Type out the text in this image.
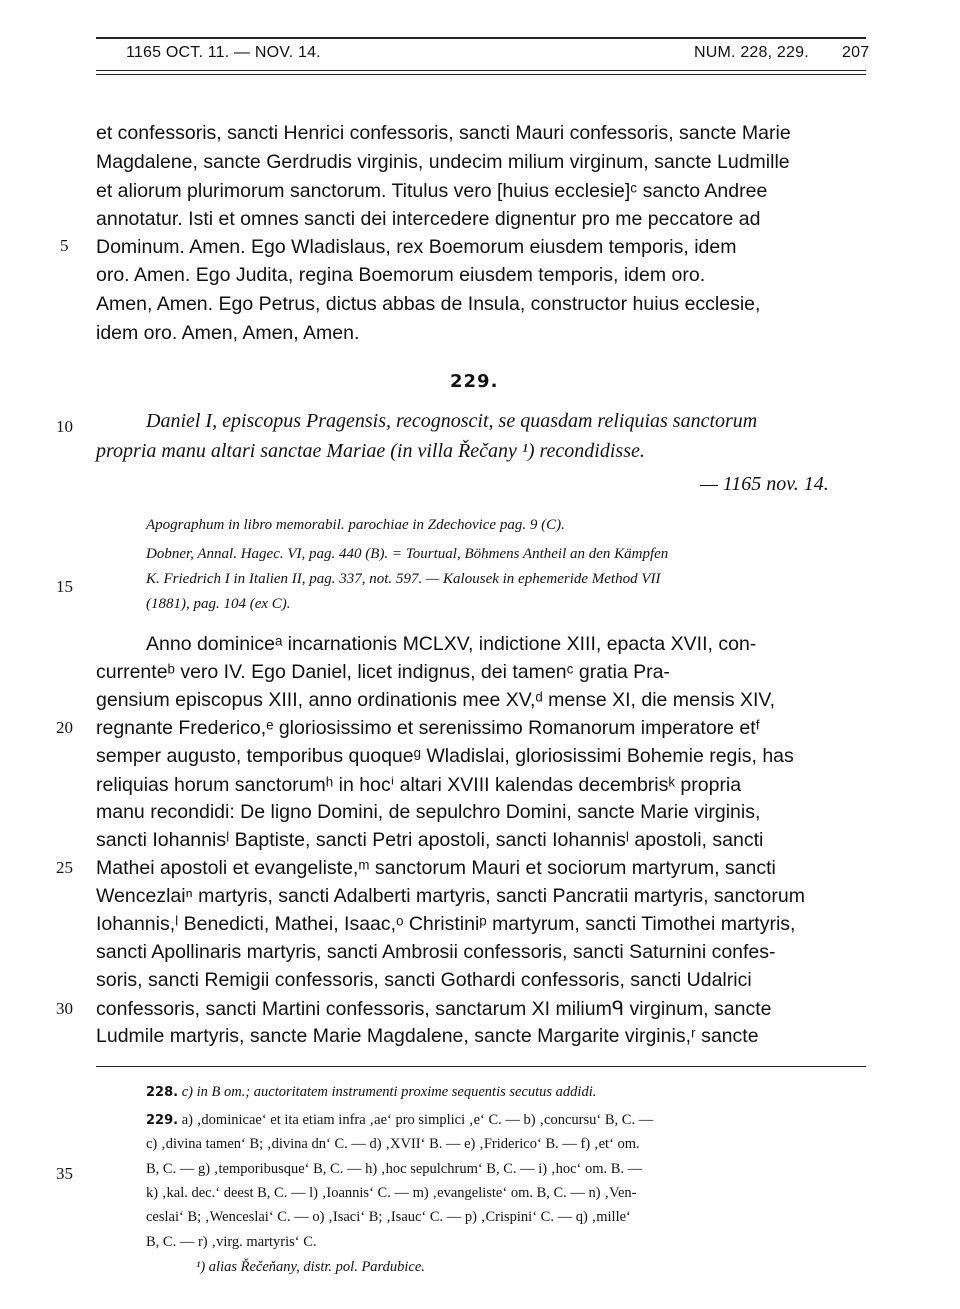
1165 OCT. 11. — NOV. 14.	NUM. 228, 229. 207
5
10
15
20
25
30
35
et confessoris, sancti Henrici confessoris, sancti Mauri confessoris, sancte Marie
Magdalene, sancte Gerdrudis virginis, undecim milium virginum, sancte Ludmille
et aliorum plurimorum sanctorum. Titulus vero [huius ecclesie]ᶜ sancto Andree
annotatur. Isti et omnes sancti dei intercedere dignentur pro me peccatore ad
Dominum. Amen. Ego Wladislaus, rex Boemorum eiusdem temporis, idem
oro. Amen. Ego Judita, regina Boemorum eiusdem temporis, idem oro.
Amen, Amen. Ego Petrus, dictus abbas de Insula, constructor huius ecclesie,
idem oro. Amen, Amen, Amen.
229.
Daniel I, episcopus Pragensis, recognoscit, se quasdam reliquias sanctorum
propria manu altari sanctae Mariae (in villa Řečany ¹) recondidisse.
— 1165 nov. 14.
Apographum in libro memorabil. parochiae in Zdechovice pag. 9 (C).
Dobner, Annal. Hagec. VI, pag. 440 (B). = Tourtual, Böhmens Antheil an den Kämpfen
K. Friedrich I in Italien II, pag. 337, not. 597. — Kalousek in ephemeride Method VII
(1881), pag. 104 (ex C).
Anno dominiceᵃ incarnationis MCLXV, indictione XIII, epacta XVII, con-
currenteᵇ vero IV. Ego Daniel, licet indignus, dei tamenᶜ gratia Pra-
gensium episcopus XIII, anno ordinationis mee XV,ᵈ mense XI, die mensis XIV,
regnante Frederico,ᵉ gloriosissimo et serenissimo Romanorum imperatore etᶠ
semper augusto, temporibus quoqueᵍ Wladislai, gloriosissimi Bohemie regis, has
reliquias horum sanctorumʰ in hocⁱ altari XVIII kalendas decembrisᵏ propria
manu recondidi: De ligno Domini, de sepulchro Domini, sancte Marie virginis,
sancti Iohannisˡ Baptiste, sancti Petri apostoli, sancti Iohannisˡ apostoli, sancti
Mathei apostoli et evangeliste,ᵐ sanctorum Mauri et sociorum martyrum, sancti
Wencezlaiⁿ martyris, sancti Adalberti martyris, sancti Pancratii martyris, sanctorum
Iohannis,ˡ Benedicti, Mathei, Isaac,ᵒ Christiniᵖ martyrum, sancti Timothei martyris,
sancti Apollinaris martyris, sancti Ambrosii confessoris, sancti Saturnini confes-
soris, sancti Remigii confessoris, sancti Gothardi confessoris, sancti Udalrici
confessoris, sancti Martini confessoris, sanctarum XI miliumᑫ virginum, sancte
Ludmile martyris, sancte Marie Magdalene, sancte Margarite virginis,ʳ sancte
228. c) in B om.; auctoritatem instrumenti proxime sequentis secutus addidi.
229. a) ‚dominicae‘ et ita etiam infra ‚ae‘ pro simplici ‚e‘ C. — b) ‚concursu‘ B, C. —
c) ‚divina tamen‘ B; ‚divina dn‘ C. — d) ‚XVII‘ B. — e) ‚Friderico‘ B. — f) ‚et‘ om.
B, C. — g) ‚temporibusque‘ B, C. — h) ‚hoc sepulchrum‘ B, C. — i) ‚hoc‘ om. B. —
k) ‚kal. dec.‘ deest B, C. — l) ‚Ioannis‘ C. — m) ‚evangeliste‘ om. B, C. — n) ‚Ven-
ceslai‘ B; ‚Wenceslai‘ C. — o) ‚Isaci‘ B; ‚Isauc‘ C. — p) ‚Crispini‘ C. — q) ‚mille‘
B, C. — r) ‚virg. martyris‘ C.
¹) alias Řečeňany, distr. pol. Pardubice.
